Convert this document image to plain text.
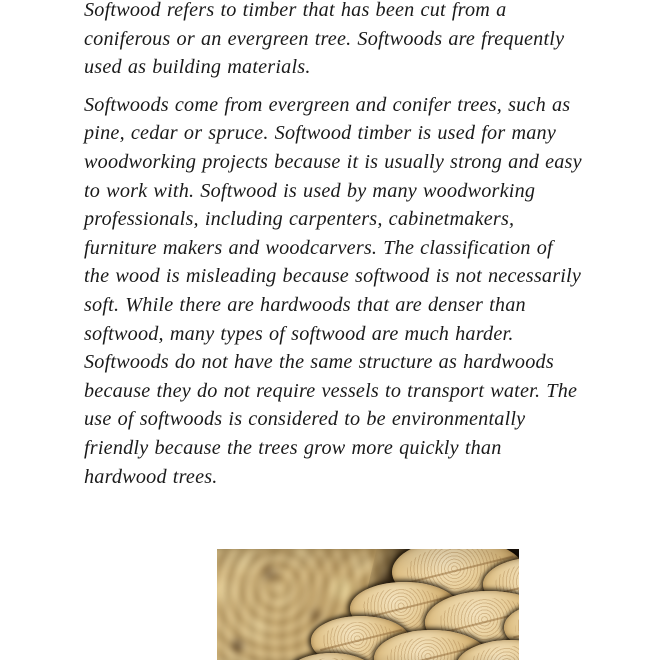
Softwood refers to timber that has been cut from a coniferous or an evergreen tree. Softwoods are frequently used as building materials.

Softwoods come from evergreen and conifer trees, such as pine, cedar or spruce. Softwood timber is used for many woodworking projects because it is usually strong and easy to work with. Softwood is used by many woodworking professionals, including carpenters, cabinetmakers, furniture makers and woodcarvers. The classification of the wood is misleading because softwood is not necessarily soft. While there are hardwoods that are denser than softwood, many types of softwood are much harder. Softwoods do not have the same structure as hardwoods because they do not require vessels to transport water. The use of softwoods is considered to be environmentally friendly because the trees grow more quickly than hardwood trees.
